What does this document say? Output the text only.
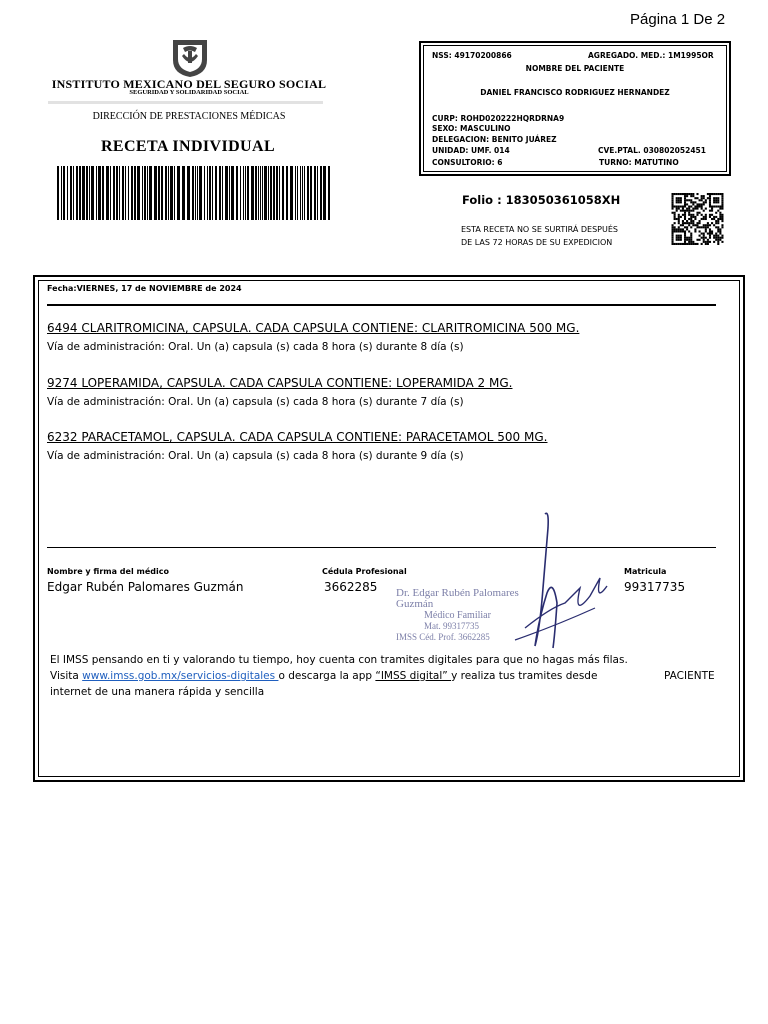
Página 1 De 2
INSTITUTO MEXICANO DEL SEGURO SOCIAL
SEGURIDAD Y SOLIDARIDAD SOCIAL
DIRECCIÓN DE PRESTACIONES MÉDICAS
RECETA INDIVIDUAL
NSS: 49170200866	AGREGADO. MED.: 1M1995OR
NOMBRE DEL PACIENTE
DANIEL FRANCISCO RODRIGUEZ HERNANDEZ
CURP: ROHD020222HQRDRNA9
SEXO: MASCULINO
DELEGACION: BENITO JUÁREZ
UNIDAD: UMF. 014	CVE.PTAL. 030802052451
CONSULTORIO: 6	TURNO: MATUTINO
Folio : 183050361058XH
ESTA RECETA NO SE SURTIRÁ DESPUÉS
DE LAS 72 HORAS DE SU EXPEDICION
Fecha:VIERNES, 17 de NOVIEMBRE de 2024
6494 CLARITROMICINA, CAPSULA. CADA CAPSULA CONTIENE: CLARITROMICINA 500 MG.
Vía de administración: Oral. Un (a) capsula (s) cada 8 hora (s) durante 8 día (s)
9274 LOPERAMIDA, CAPSULA. CADA CAPSULA CONTIENE: LOPERAMIDA 2 MG.
Vía de administración: Oral. Un (a) capsula (s) cada 8 hora (s) durante 7 día (s)
6232 PARACETAMOL, CAPSULA. CADA CAPSULA CONTIENE: PARACETAMOL 500 MG.
Vía de administración: Oral. Un (a) capsula (s) cada 8 hora (s) durante 9 día (s)
Nombre y firma del médico	Cédula Profesional	Matricula
Edgar Rubén Palomares Guzmán	3662285	99317735
Dr. Edgar Rubén Palomares Guzmán
Médico Familiar
Mat. 99317735
IMSS Céd. Prof. 3662285
El IMSS pensando en ti y valorando tu tiempo, hoy cuenta con tramites digitales para que no hagas más filas.
Visita www.imss.gob.mx/servicios-digitales o descarga la app “IMSS digital” y realiza tus tramites desde	PACIENTE
internet de una manera rápida y sencilla
